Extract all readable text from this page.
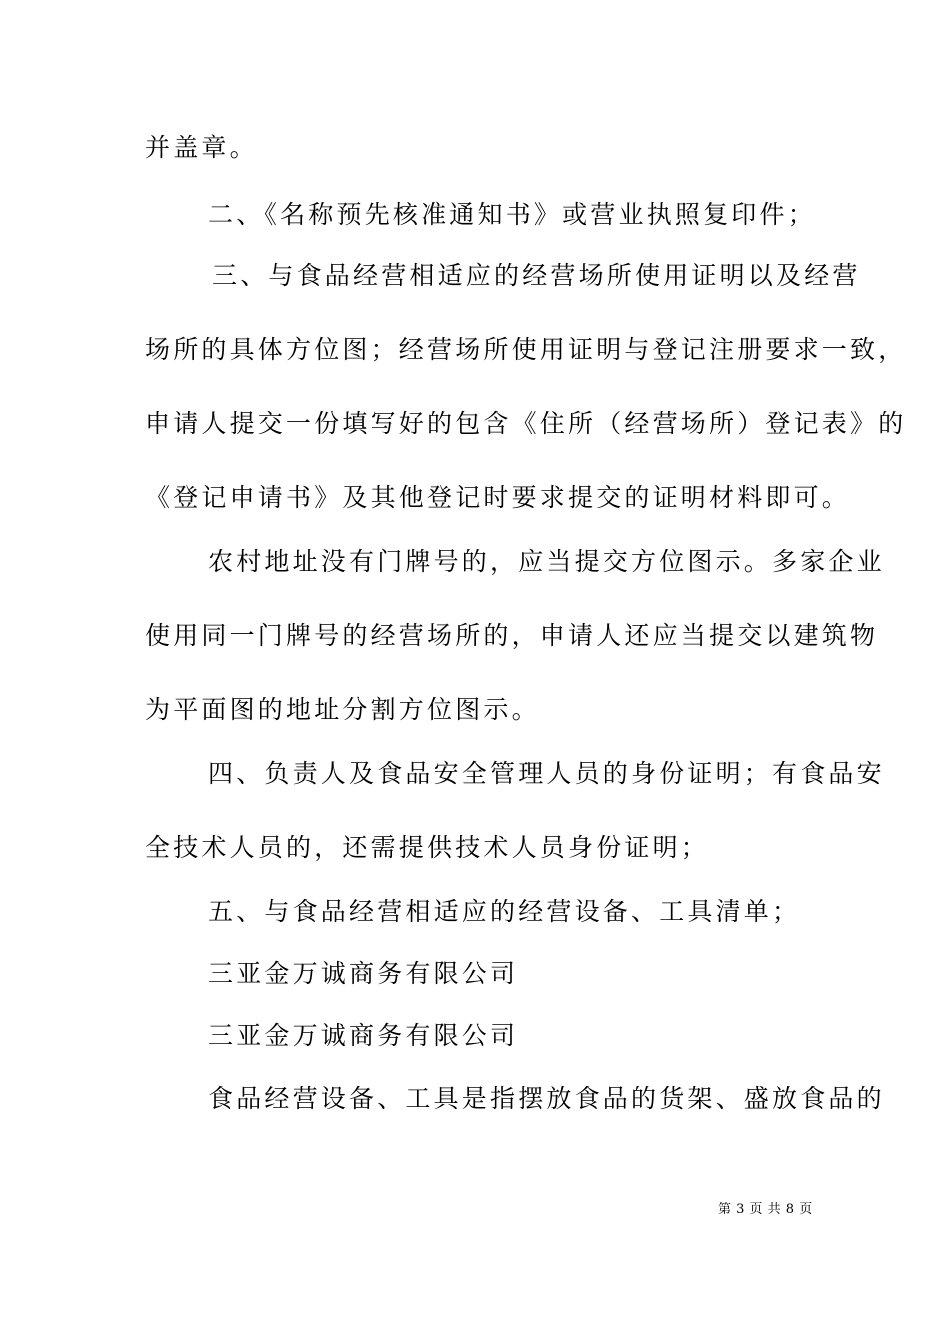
并盖章。
二、《名称预先核准通知书》或营业执照复印件；
三、与食品经营相适应的经营场所使用证明以及经营
场所的具体方位图；经营场所使用证明与登记注册要求一致，
申请人提交一份填写好的包含《住所（经营场所）登记表》的
《登记申请书》及其他登记时要求提交的证明材料即可。
农村地址没有门牌号的，应当提交方位图示。多家企业
使用同一门牌号的经营场所的，申请人还应当提交以建筑物
为平面图的地址分割方位图示。
四、负责人及食品安全管理人员的身份证明；有食品安
全技术人员的，还需提供技术人员身份证明；
五、与食品经营相适应的经营设备、工具清单；
三亚金万诚商务有限公司
三亚金万诚商务有限公司
食品经营设备、工具是指摆放食品的货架、盛放食品的
第 3 页 共 8 页
